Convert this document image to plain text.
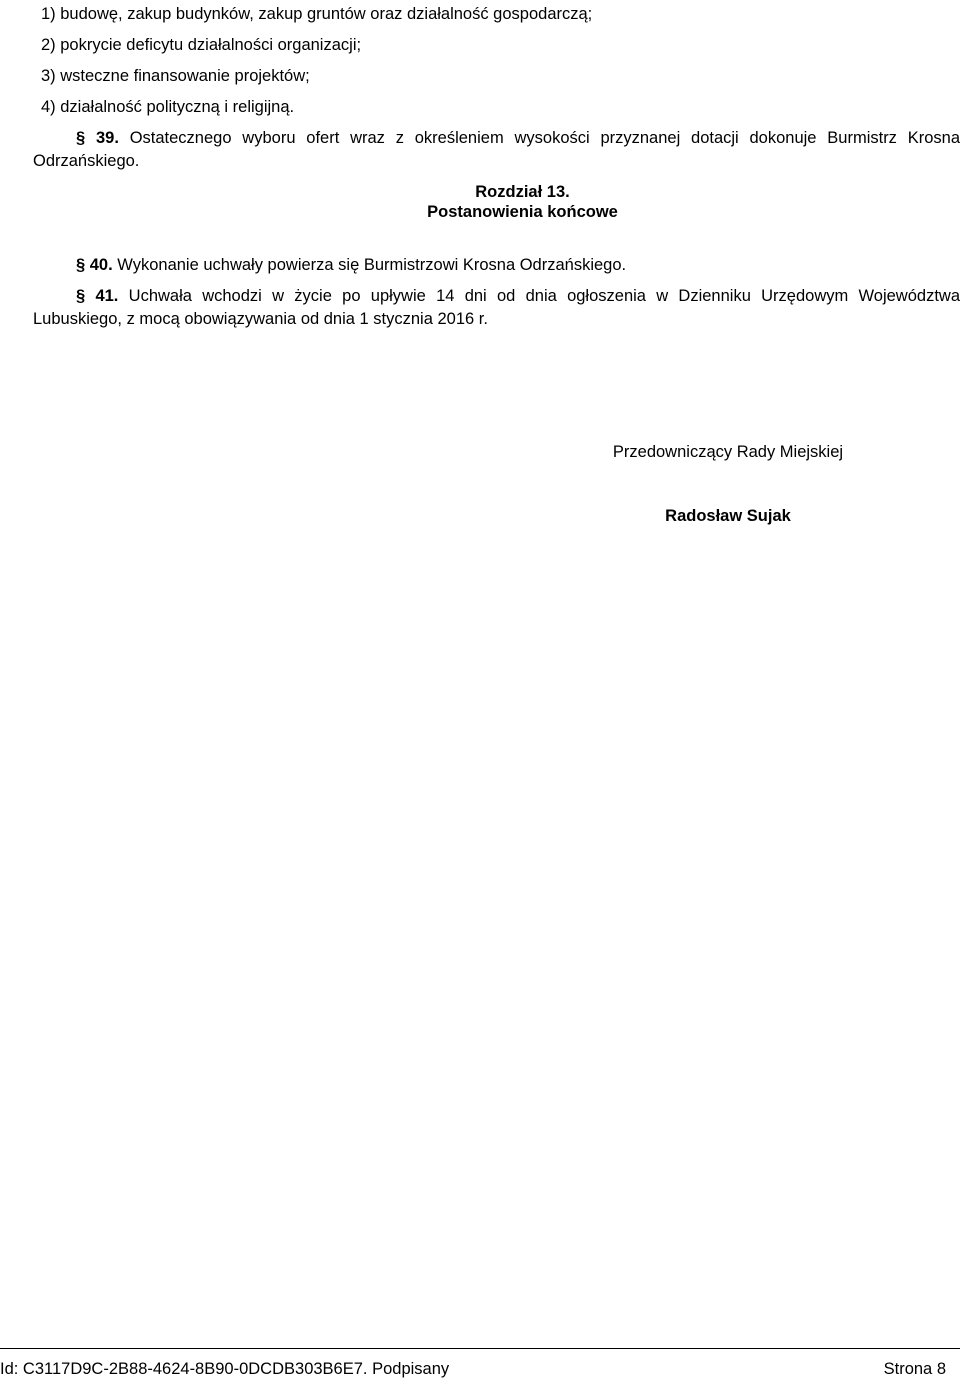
1) budowę, zakup budynków, zakup gruntów oraz działalność gospodarczą;
2) pokrycie deficytu działalności organizacji;
3) wsteczne finansowanie projektów;
4) działalność polityczną i religijną.
§ 39. Ostatecznego wyboru ofert wraz z określeniem wysokości przyznanej dotacji dokonuje Burmistrz Krosna
Odrzańskiego.
Rozdział 13.
Postanowienia końcowe
§ 40. Wykonanie uchwały powierza się Burmistrzowi Krosna Odrzańskiego.
§ 41. Uchwała wchodzi w życie po upływie 14 dni od dnia ogłoszenia w Dzienniku Urzędowym Województwa
Lubuskiego, z mocą obowiązywania od dnia 1 stycznia 2016 r.
Przedowniczący Rady Miejskiej
Radosław Sujak
Id: C3117D9C-2B88-4624-8B90-0DCDB303B6E7. Podpisany	Strona 8
